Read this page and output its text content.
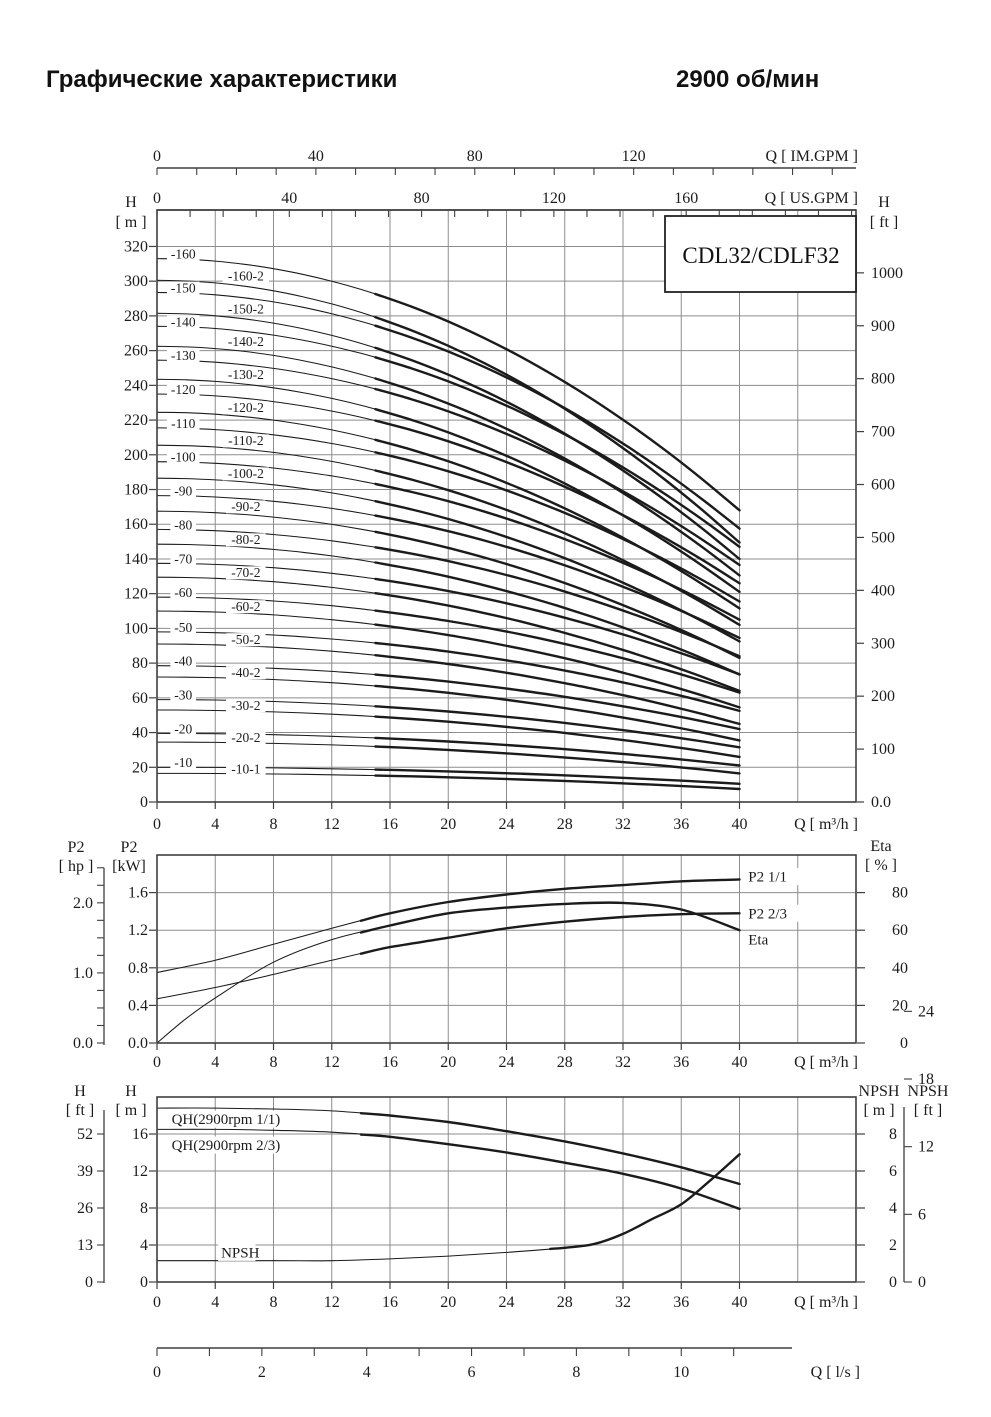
Графические характеристики	2900 об/мин
-160
-160-2
-150
-150-2
-140
-140-2
-130
-130-2
-120
-120-2
-110
-110-2
-100
-100-2
-90
-90-2
-80
-80-2
-70
-70-2
-60
-60-2
-50
-50-2
-40
-40-2
-30
-30-2
-20
-20-2
-10	-10-1
0
20
40
60
80
100
120
140
160
180
200
220
240
260
280
300
320
H
[ m ]
0.0
100
200
300
400
500
600
700
800
900
1000
H
[ ft ]
0	4	8	12	16	20	24	28	32	36	40	Q [ m³/h ]
CDL32/CDLF32
0	40	80	120	Q [ IM.GPM ]
0	40	80	120	160	Q [ US.GPM ]
P2 1/1
P2 2/3
Eta
0.0
0.4
0.8
1.2
1.6
P2
[kW]
0.0
1.0
2.0
P2
[ hp ]
0
20
40
60
80
Eta
[ % ]
0	4	8	12	16	20	24	28	32	36	40	Q [ m³/h ]
QH(2900rpm 1/1)
QH(2900rpm 2/3)
NPSH
0
4
8
12
16
H
[ m ]
0
13
26
39
52
H
[ ft ]
0
2
4
6
8
NPSH
[ m ]
0
6
12
18
24
NPSH
[ ft ]
0	4	8	12	16	20	24	28	32	36	40	Q [ m³/h ]
0	2	4	6	8	10	Q [ l/s ]
